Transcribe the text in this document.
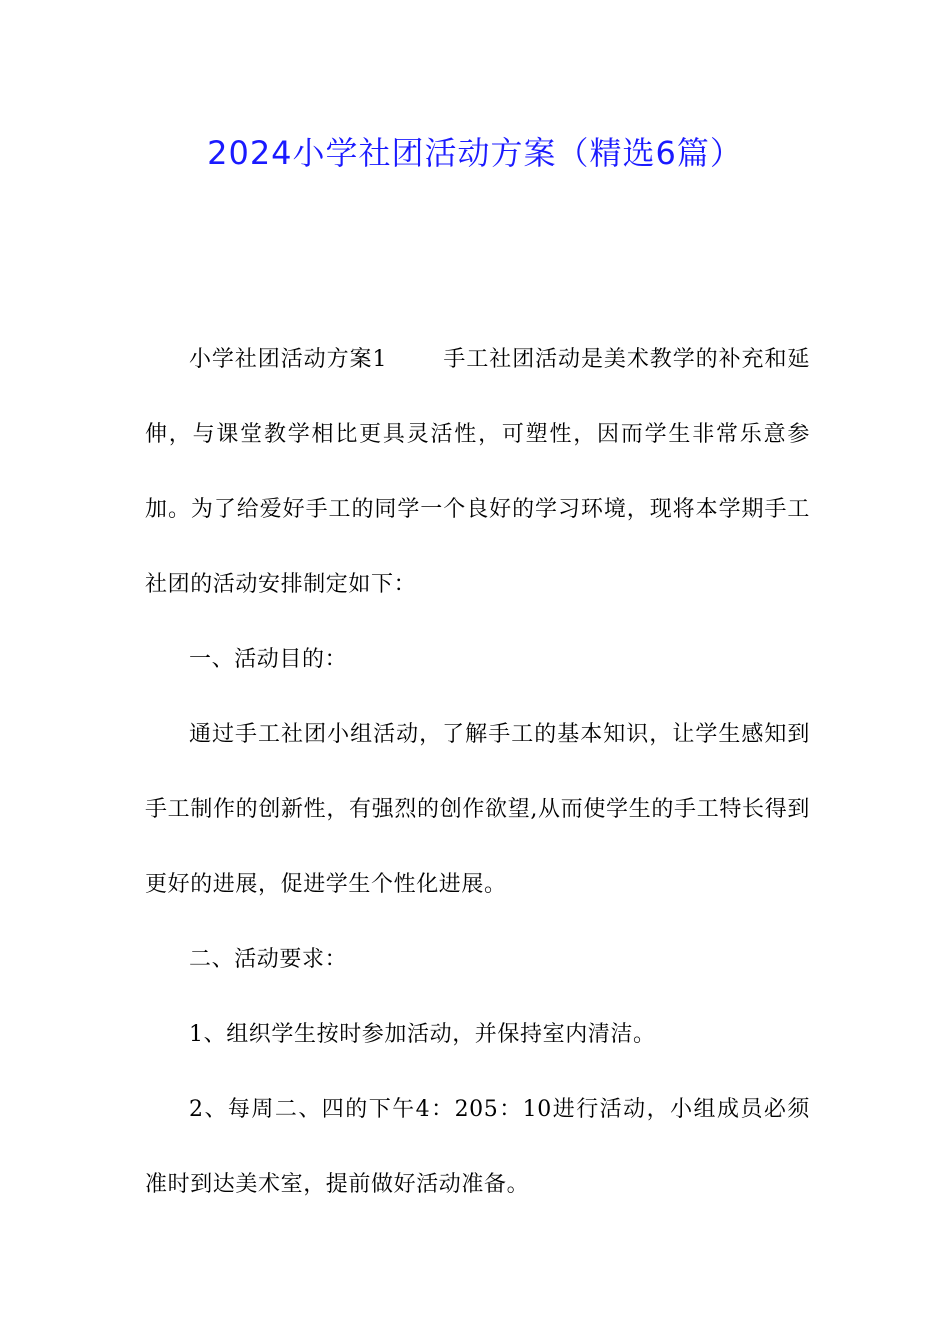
2024小学社团活动方案（精选6篇）

小学社团活动方案1	手工社团活动是美术教学的补充和延伸，与课堂教学相比更具灵活性，可塑性，因而学生非常乐意参加。为了给爱好手工的同学一个良好的学习环境，现将本学期手工社团的活动安排制定如下：

一、活动目的：

通过手工社团小组活动，了解手工的基本知识，让学生感知到手工制作的创新性，有强烈的创作欲望,从而使学生的手工特长得到更好的进展，促进学生个性化进展。

二、活动要求：

1、组织学生按时参加活动，并保持室内清洁。

2、每周二、四的下午4：205：10进行活动，小组成员必须准时到达美术室，提前做好活动准备。
